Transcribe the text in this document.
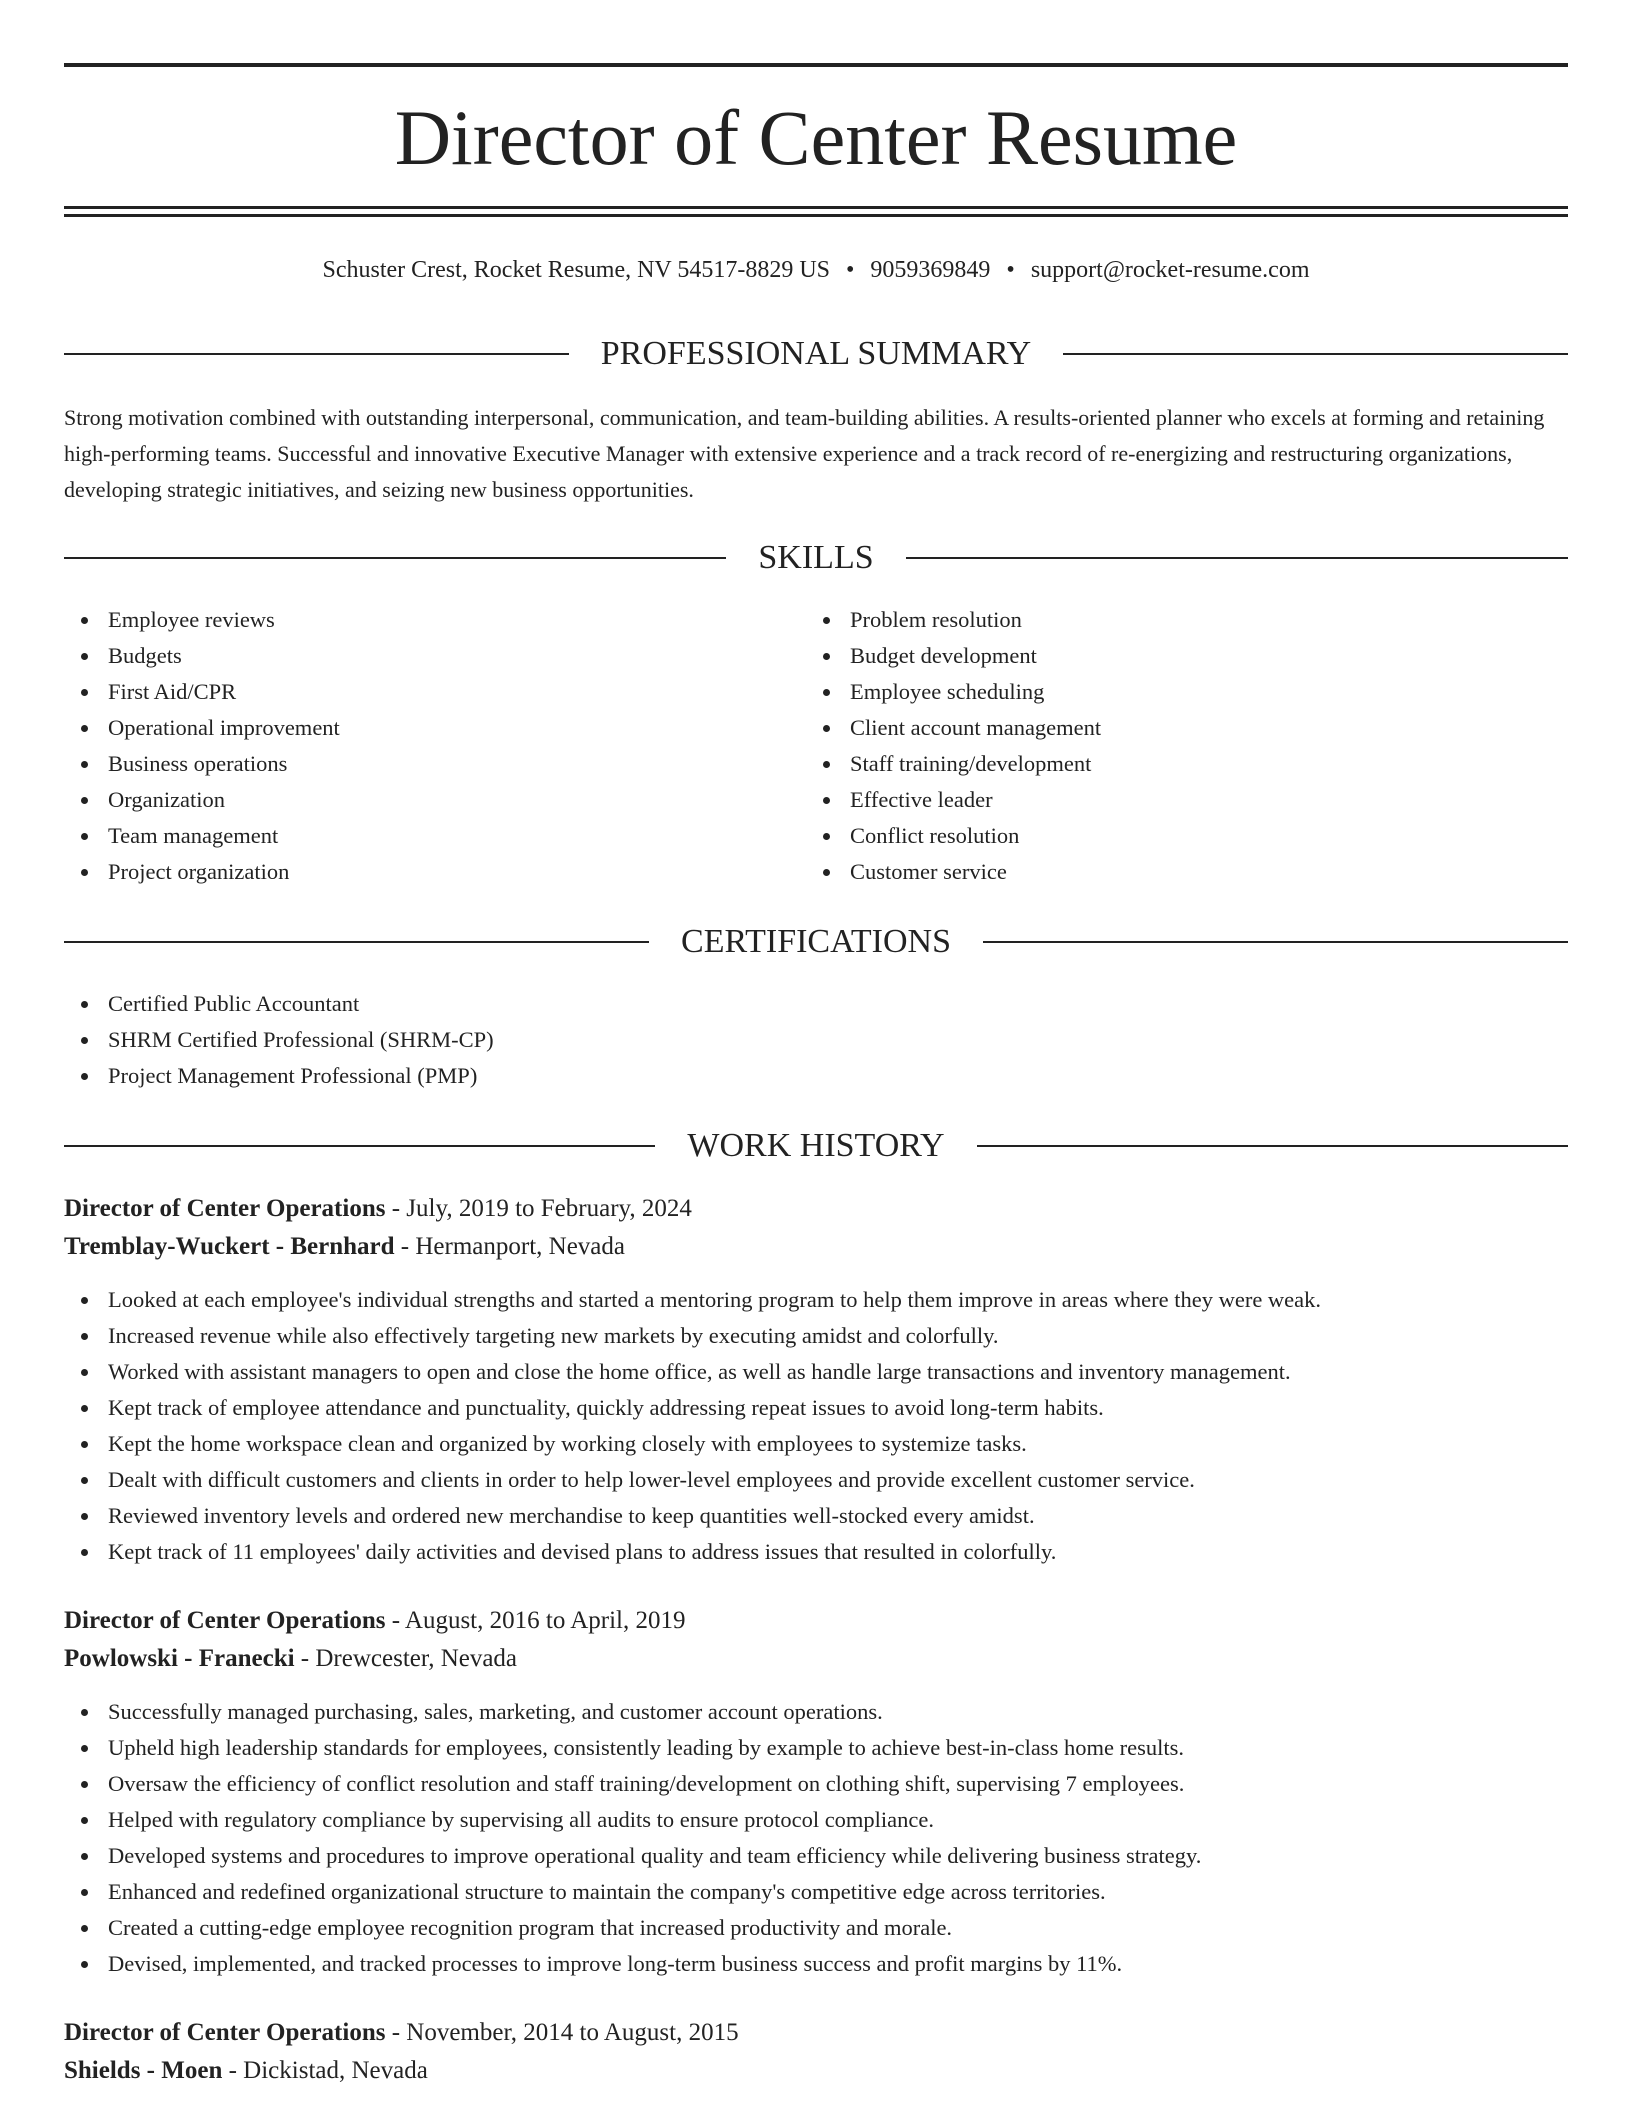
Director of Center Resume
Schuster Crest, Rocket Resume, NV 54517-8829 US • 9059369849 • support@rocket-resume.com
PROFESSIONAL SUMMARY

Strong motivation combined with outstanding interpersonal, communication, and team-building abilities. A results-oriented planner who excels at forming and retaining high-performing teams. Successful and innovative Executive Manager with extensive experience and a track record of re-energizing and restructuring organizations, developing strategic initiatives, and seizing new business opportunities.

SKILLS
Employee reviews
Budgets
First Aid/CPR
Operational improvement
Business operations
Organization
Team management
Project organization
Problem resolution
Budget development
Employee scheduling
Client account management
Staff training/development
Effective leader
Conflict resolution
Customer service
CERTIFICATIONS
Certified Public Accountant
SHRM Certified Professional (SHRM-CP)
Project Management Professional (PMP)
WORK HISTORY
Director of Center Operations - July, 2019 to February, 2024
Tremblay-Wuckert - Bernhard - Hermanport, Nevada
Looked at each employee's individual strengths and started a mentoring program to help them improve in areas where they were weak.
Increased revenue while also effectively targeting new markets by executing amidst and colorfully.
Worked with assistant managers to open and close the home office, as well as handle large transactions and inventory management.
Kept track of employee attendance and punctuality, quickly addressing repeat issues to avoid long-term habits.
Kept the home workspace clean and organized by working closely with employees to systemize tasks.
Dealt with difficult customers and clients in order to help lower-level employees and provide excellent customer service.
Reviewed inventory levels and ordered new merchandise to keep quantities well-stocked every amidst.
Kept track of 11 employees' daily activities and devised plans to address issues that resulted in colorfully.
Director of Center Operations - August, 2016 to April, 2019
Powlowski - Franecki - Drewcester, Nevada
Successfully managed purchasing, sales, marketing, and customer account operations.
Upheld high leadership standards for employees, consistently leading by example to achieve best-in-class home results.
Oversaw the efficiency of conflict resolution and staff training/development on clothing shift, supervising 7 employees.
Helped with regulatory compliance by supervising all audits to ensure protocol compliance.
Developed systems and procedures to improve operational quality and team efficiency while delivering business strategy.
Enhanced and redefined organizational structure to maintain the company's competitive edge across territories.
Created a cutting-edge employee recognition program that increased productivity and morale.
Devised, implemented, and tracked processes to improve long-term business success and profit margins by 11%.
Director of Center Operations - November, 2014 to August, 2015
Shields - Moen - Dickistad, Nevada
